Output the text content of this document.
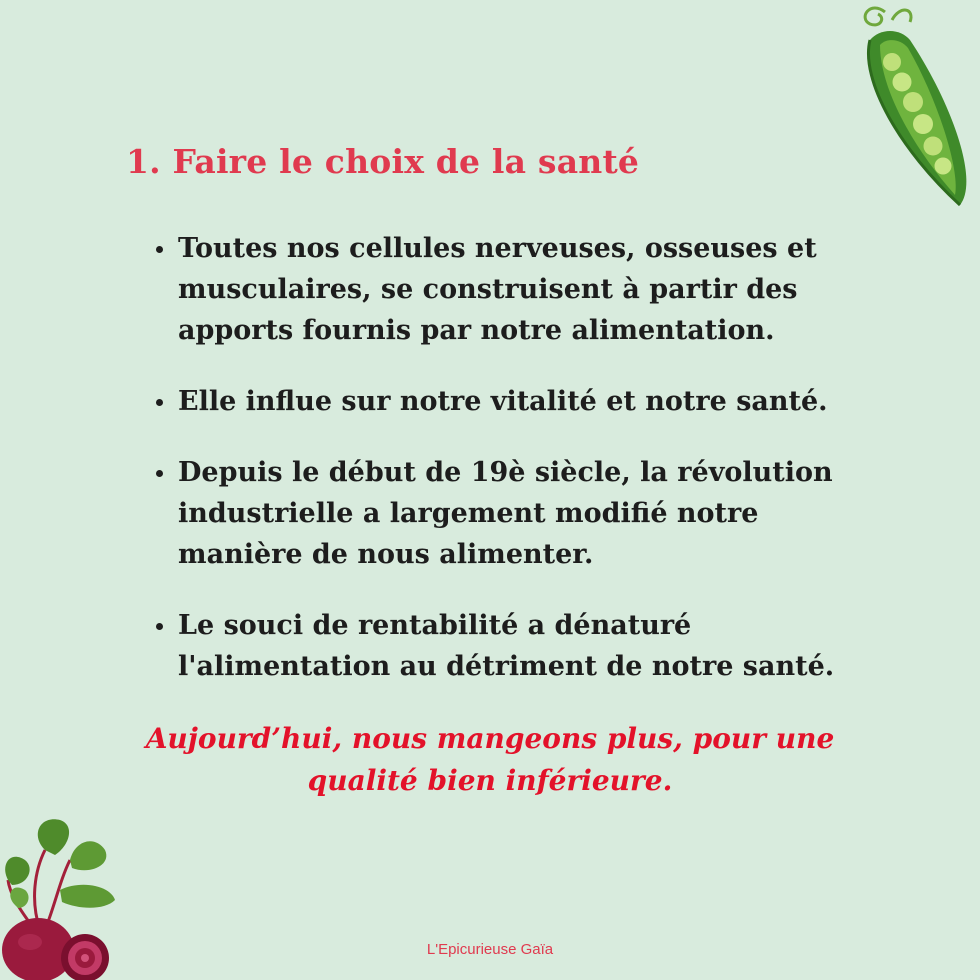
1. Faire le choix de la santé
Toutes nos cellules nerveuses, osseuses et musculaires, se construisent à partir des apports fournis par notre alimentation.
Elle influe sur notre vitalité et notre santé.
Depuis le début de 19è siècle, la révolution industrielle a largement modifié notre manière de nous alimenter.
Le souci de rentabilité a dénaturé l'alimentation au détriment de notre santé.

Aujourd’hui, nous mangeons plus, pour une qualité bien inférieure.

L'Epicurieuse Gaïa
